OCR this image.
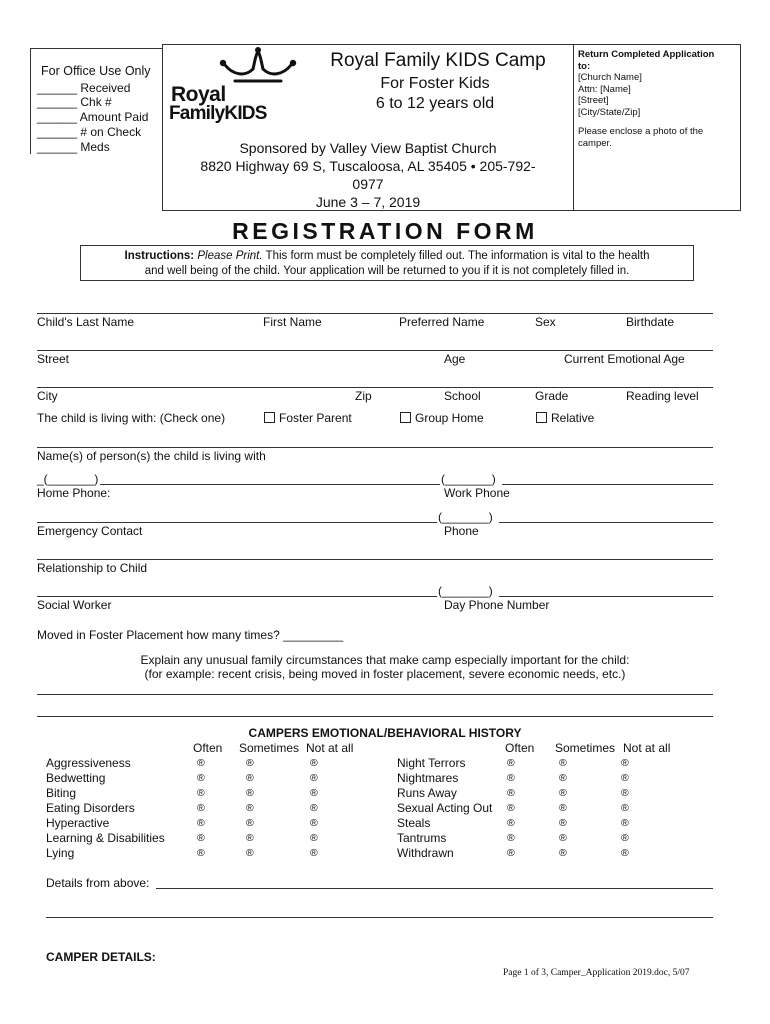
For Office Use Only
______ Received
______ Chk #
______ Amount Paid
______ # on Check
______ Meds
Royal
FamilyKIDS
Royal Family KIDS Camp
For Foster Kids
6 to 12 years old
Sponsored by Valley View Baptist Church
8820 Highway 69 S, Tuscaloosa, AL 35405 • 205-792-
0977
June 3 – 7, 2019
Return Completed Application
to:
[Church Name]
Attn: [Name]
[Street]
[City/State/Zip]
Please enclose a photo of the
camper.
REGISTRATION FORM
Instructions: Please Print. This form must be completely filled out. The information is vital to the health
and well being of the child. Your application will be returned to you if it is not completely filled in.
Child's Last Name	First Name	Preferred Name	Sex	Birthdate
Street	Age	Current Emotional Age
City	Zip	School	Grade	Reading level
The child is living with: (Check one)	Foster Parent	Group Home	Relative
Name(s) of person(s) the child is living with
_(_______)	(_______)
Home Phone:	Work Phone
(_______)
Emergency Contact	Phone
Relationship to Child
(_______)
Social Worker	Day Phone Number
Moved in Foster Placement how many times? _________
Explain any unusual family circumstances that make camp especially important for the child:
(for example: recent crisis, being moved in foster placement, severe economic needs, etc.)
CAMPERS EMOTIONAL/BEHAVIORAL HISTORY
Often Sometimes Not at all	Often Sometimes Not at all
Aggressiveness	®	®	®
Bedwetting	®	®	®
Biting	®	®	®
Eating Disorders	®	®	®
Hyperactive	®	®	®
Learning & Disabilities	®	®	®
Lying	®	®	®
Night Terrors	®	®	®
Nightmares	®	®	®
Runs Away	®	®	®
Sexual Acting Out ®	®	®
Steals	®	®	®
Tantrums	®	®	®
Withdrawn	®	®	®
Details from above:
CAMPER DETAILS:
Page 1 of 3, Camper_Application 2019.doc, 5/07
